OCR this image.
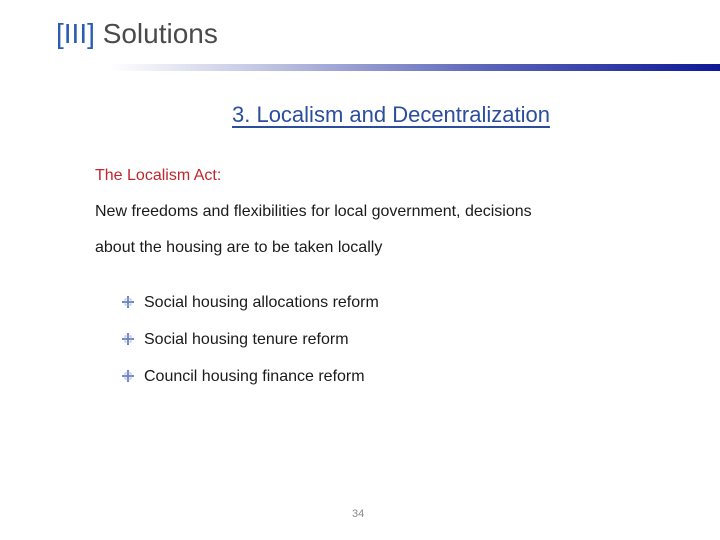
[III] Solutions
3. Localism and Decentralization
The Localism Act:
New freedoms and flexibilities for local government, decisions
about the housing are to be taken locally
Social housing allocations reform
Social housing tenure reform
Council housing finance reform
34
